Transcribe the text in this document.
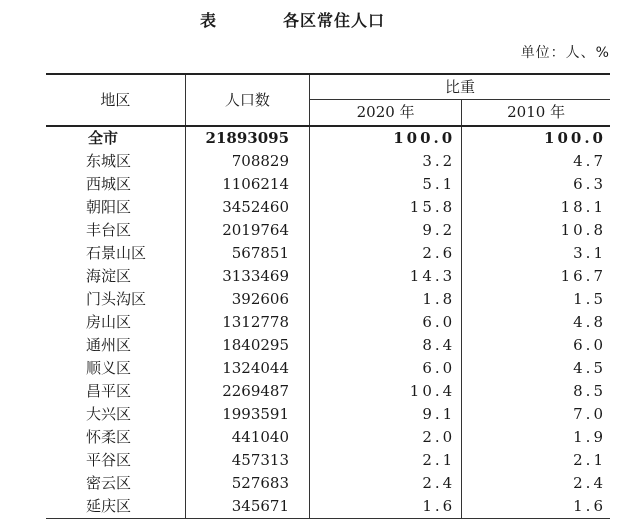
表	各区常住人口
单位：人、%
地区	人口数	比重	
		2020 年	2010 年
全市	21893095	100.0	100.0
东城区	708829	3.2	4.7
西城区	1106214	5.1	6.3
朝阳区	3452460	15.8	18.1
丰台区	2019764	9.2	10.8
石景山区	567851	2.6	3.1
海淀区	3133469	14.3	16.7
门头沟区	392606	1.8	1.5
房山区	1312778	6.0	4.8
通州区	1840295	8.4	6.0
顺义区	1324044	6.0	4.5
昌平区	2269487	10.4	8.5
大兴区	1993591	9.1	7.0
怀柔区	441040	2.0	1.9
平谷区	457313	2.1	2.1
密云区	527683	2.4	2.4
延庆区	345671	1.6	1.6
